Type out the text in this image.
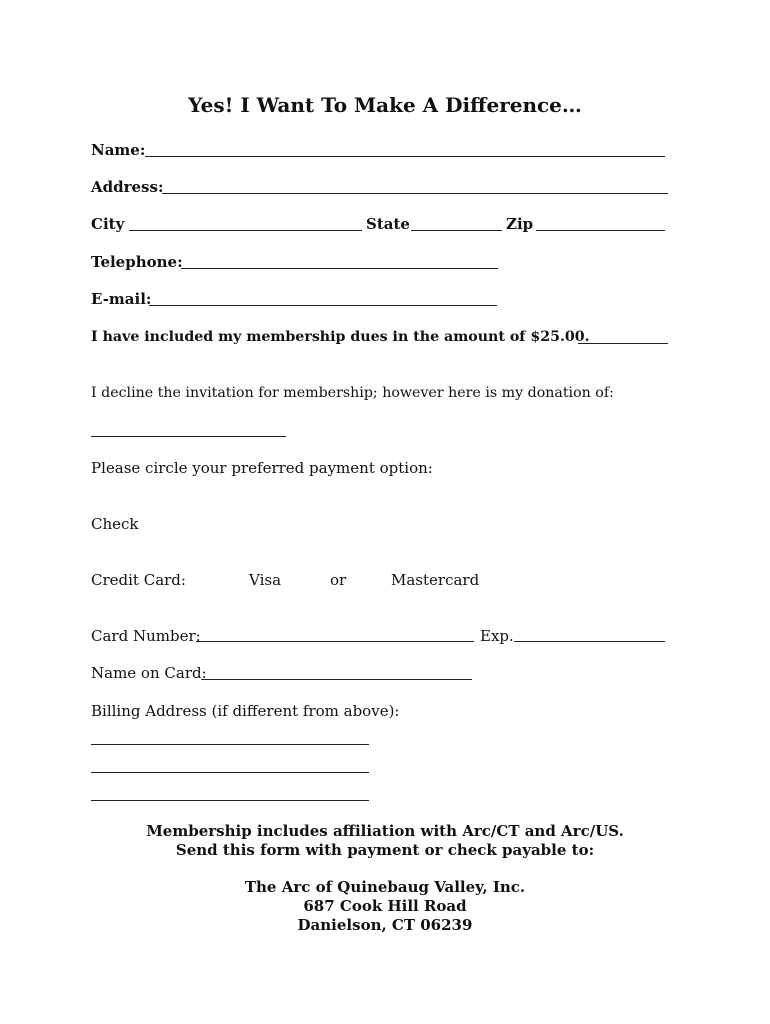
Yes! I Want To Make A Difference…
Name:
Address:
City	State	Zip
Telephone:
E-mail:
I have included my membership dues in the amount of $25.00.
I decline the invitation for membership; however here is my donation of:
Please circle your preferred payment option:
Check
Credit Card:	Visa	or	Mastercard
Card Number:	Exp.
Name on Card:
Billing Address (if different from above):
Membership includes affiliation with Arc/CT and Arc/US.
Send this form with payment or check payable to:
The Arc of Quinebaug Valley, Inc.
687 Cook Hill Road
Danielson, CT 06239
